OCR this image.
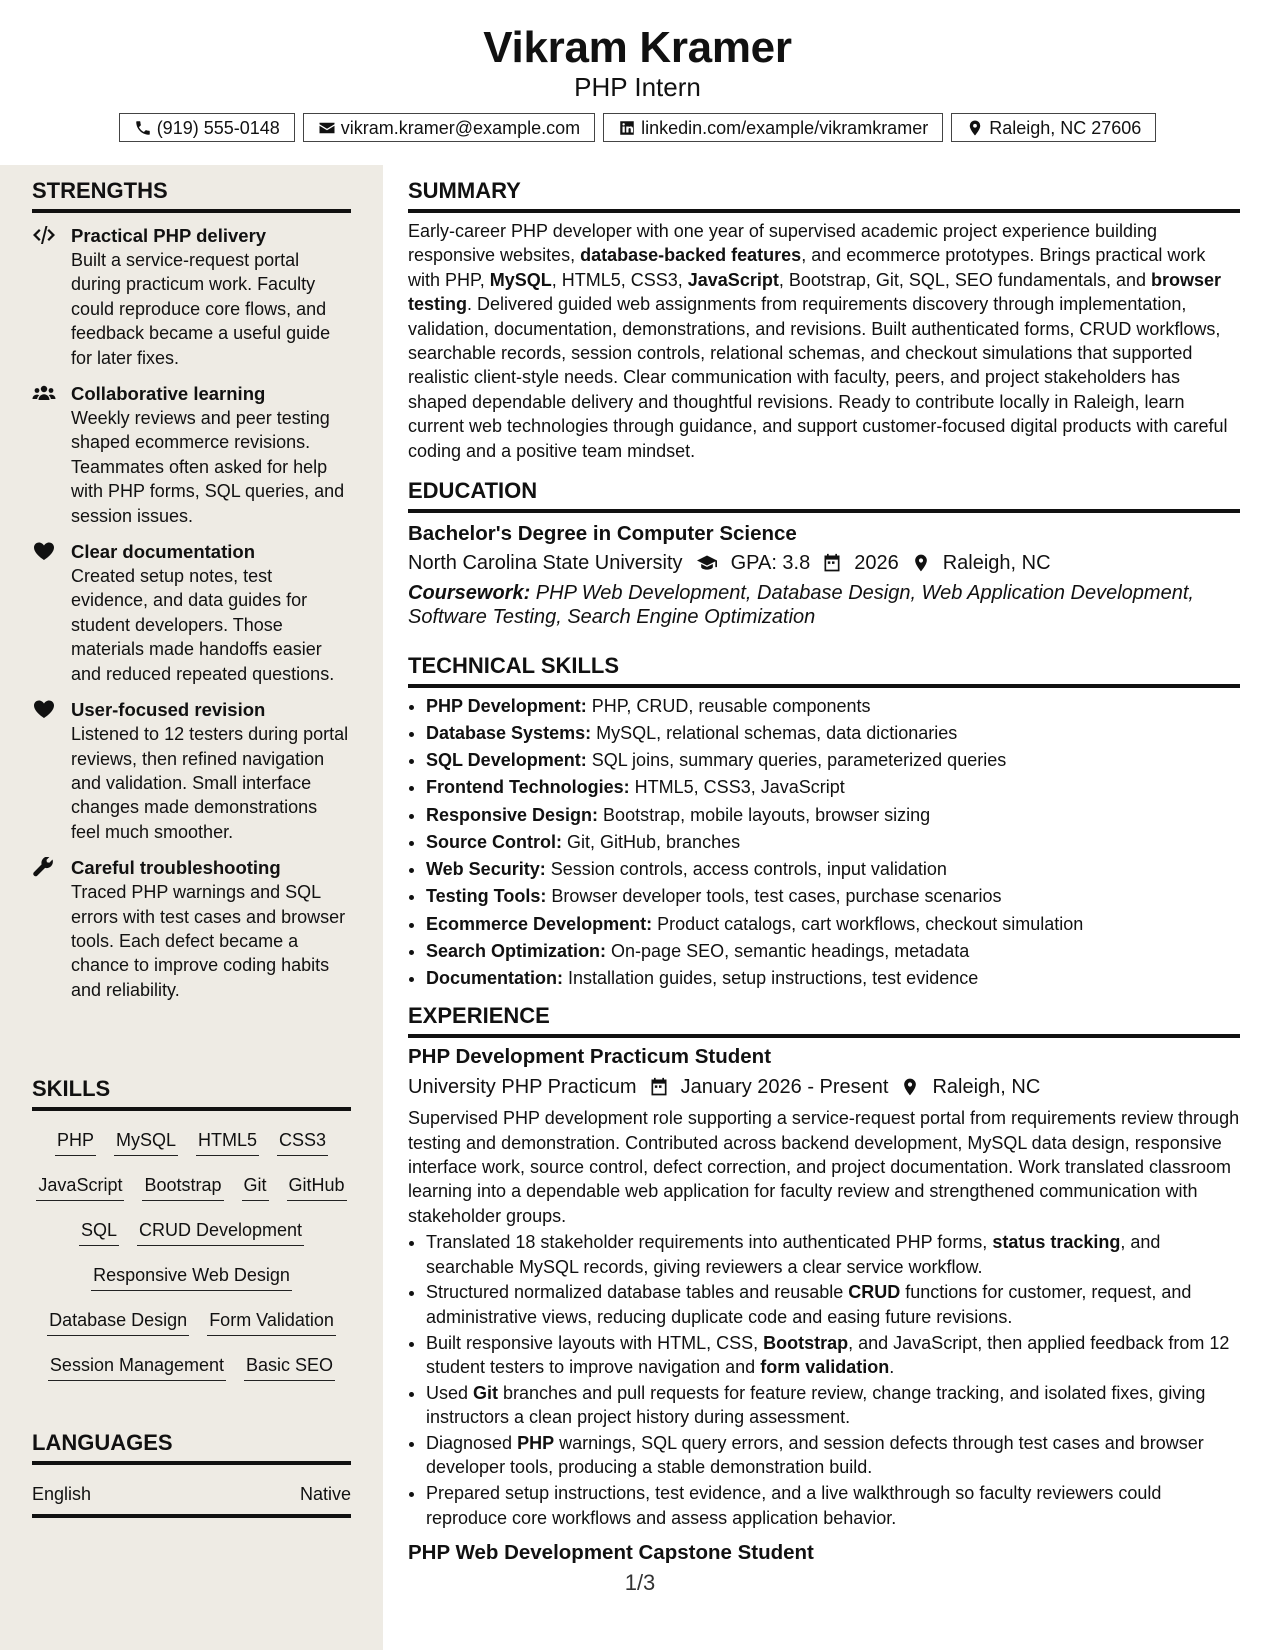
Vikram Kramer
PHP Intern
(919) 555-0148	vikram.kramer@example.com	linkedin.com/example/vikramkramer	Raleigh, NC 27606
STRENGTHS
Practical PHP delivery
Built a service-request portal during practicum work. Faculty could reproduce core flows, and feedback became a useful guide for later fixes.
Collaborative learning
Weekly reviews and peer testing shaped ecommerce revisions. Teammates often asked for help with PHP forms, SQL queries, and session issues.
Clear documentation
Created setup notes, test evidence, and data guides for student developers. Those materials made handoffs easier and reduced repeated questions.
User-focused revision
Listened to 12 testers during portal reviews, then refined navigation and validation. Small interface changes made demonstrations feel much smoother.
Careful troubleshooting
Traced PHP warnings and SQL errors with test cases and browser tools. Each defect became a chance to improve coding habits and reliability.
SKILLS
PHP MySQL HTML5 CSS3
JavaScript Bootstrap Git GitHub
SQL CRUD Development
Responsive Web Design
Database Design Form Validation
Session Management Basic SEO
LANGUAGES
English	Native
SUMMARY
Early-career PHP developer with one year of supervised academic project experience building responsive websites, database-backed features, and ecommerce prototypes. Brings practical work with PHP, MySQL, HTML5, CSS3, JavaScript, Bootstrap, Git, SQL, SEO fundamentals, and browser testing. Delivered guided web assignments from requirements discovery through implementation, validation, documentation, demonstrations, and revisions. Built authenticated forms, CRUD workflows, searchable records, session controls, relational schemas, and checkout simulations that supported realistic client-style needs. Clear communication with faculty, peers, and project stakeholders has shaped dependable delivery and thoughtful revisions. Ready to contribute locally in Raleigh, learn current web technologies through guidance, and support customer-focused digital products with careful coding and a positive team mindset.
EDUCATION
Bachelor's Degree in Computer Science
North Carolina State University GPA: 3.8 2026 Raleigh, NC
Coursework: PHP Web Development, Database Design, Web Application Development, Software Testing, Search Engine Optimization
TECHNICAL SKILLS
• PHP Development: PHP, CRUD, reusable components
• Database Systems: MySQL, relational schemas, data dictionaries
• SQL Development: SQL joins, summary queries, parameterized queries
• Frontend Technologies: HTML5, CSS3, JavaScript
• Responsive Design: Bootstrap, mobile layouts, browser sizing
• Source Control: Git, GitHub, branches
• Web Security: Session controls, access controls, input validation
• Testing Tools: Browser developer tools, test cases, purchase scenarios
• Ecommerce Development: Product catalogs, cart workflows, checkout simulation
• Search Optimization: On-page SEO, semantic headings, metadata
• Documentation: Installation guides, setup instructions, test evidence
EXPERIENCE
PHP Development Practicum Student
University PHP Practicum January 2026 - Present Raleigh, NC
Supervised PHP development role supporting a service-request portal from requirements review through testing and demonstration. Contributed across backend development, MySQL data design, responsive interface work, source control, defect correction, and project documentation. Work translated classroom learning into a dependable web application for faculty review and strengthened communication with stakeholder groups.
• Translated 18 stakeholder requirements into authenticated PHP forms, status tracking, and searchable MySQL records, giving reviewers a clear service workflow.
• Structured normalized database tables and reusable CRUD functions for customer, request, and administrative views, reducing duplicate code and easing future revisions.
• Built responsive layouts with HTML, CSS, Bootstrap, and JavaScript, then applied feedback from 12 student testers to improve navigation and form validation.
• Used Git branches and pull requests for feature review, change tracking, and isolated fixes, giving instructors a clean project history during assessment.
• Diagnosed PHP warnings, SQL query errors, and session defects through test cases and browser developer tools, producing a stable demonstration build.
• Prepared setup instructions, test evidence, and a live walkthrough so faculty reviewers could reproduce core workflows and assess application behavior.
PHP Web Development Capstone Student
1/3
